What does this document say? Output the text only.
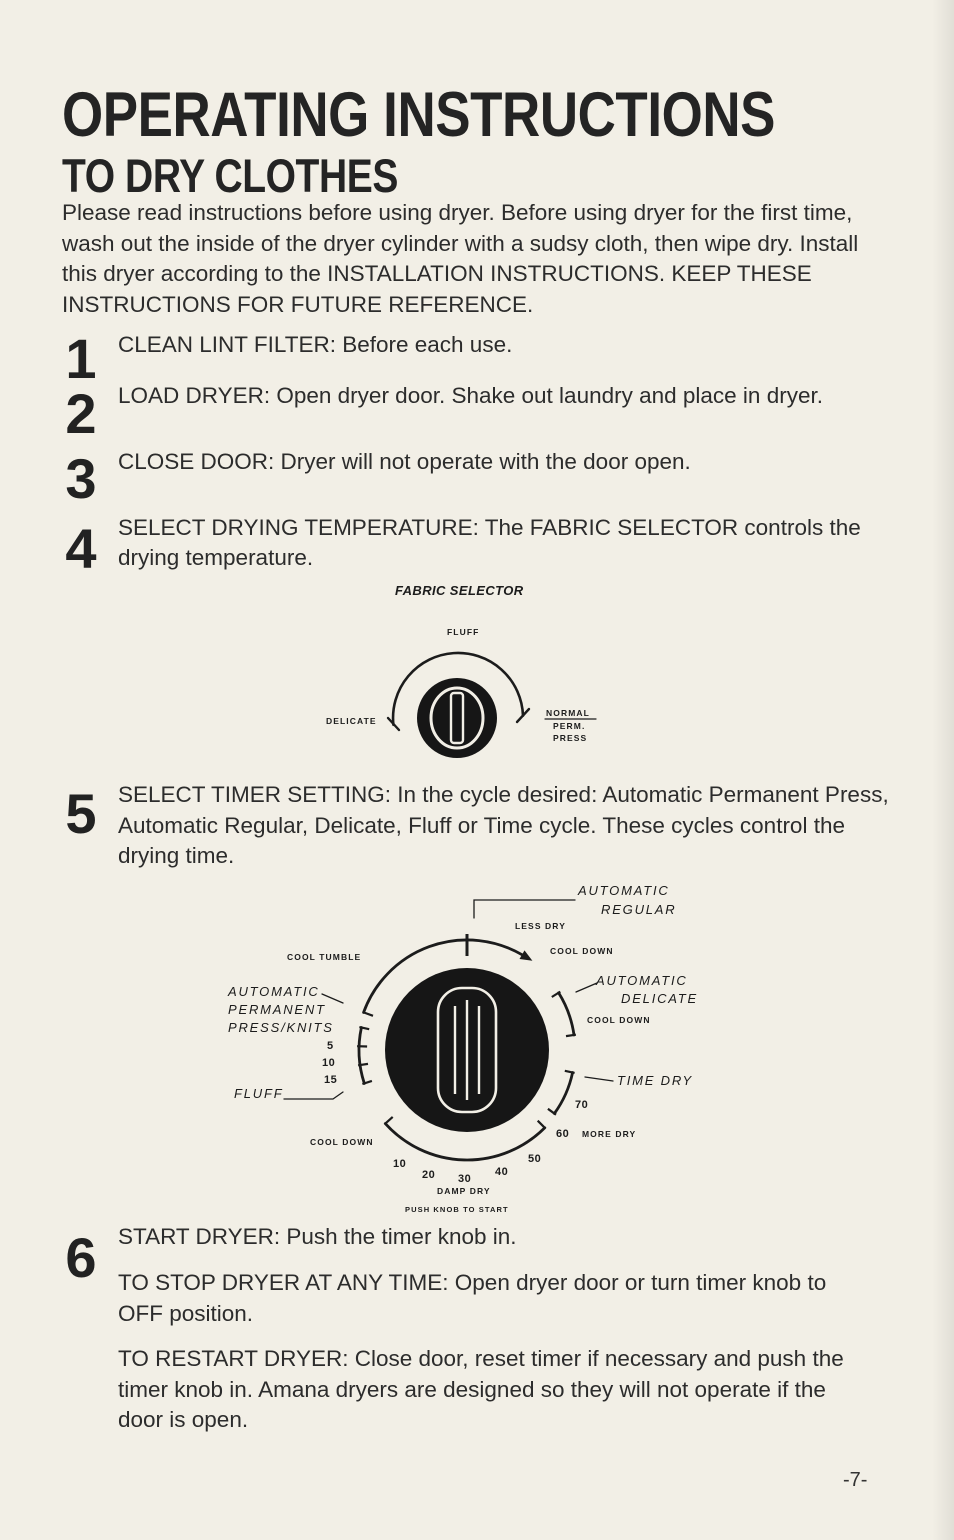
OPERATING INSTRUCTIONS
TO DRY CLOTHES
Please read instructions before using dryer. Before using dryer for the first time,
wash out the inside of the dryer cylinder with a sudsy cloth, then wipe dry. Install
this dryer according to the INSTALLATION INSTRUCTIONS. KEEP THESE
INSTRUCTIONS FOR FUTURE REFERENCE.
1 CLEAN LINT FILTER: Before each use.
2 LOAD DRYER: Open dryer door. Shake out laundry and place in dryer.
3 CLOSE DOOR: Dryer will not operate with the door open.
4 SELECT DRYING TEMPERATURE: The FABRIC SELECTOR controls the
drying temperature.
FABRIC SELECTOR
FLUFF
DELICATE
NORMAL
PERM.
PRESS
5 SELECT TIMER SETTING: In the cycle desired: Automatic Permanent Press,
Automatic Regular, Delicate, Fluff or Time cycle. These cycles control the
drying time.
AUTOMATIC
REGULAR
AUTOMATIC
DELICATE
AUTOMATIC
PERMANENT
PRESS/KNITS
FLUFF
TIME DRY
LESS DRY
COOL DOWN
COOL TUMBLE
COOL DOWN
MORE DRY
COOL DOWN
DAMP DRY
PUSH KNOB TO START
5
10
15
70
60
50
40
30
20
10
6 START DRYER: Push the timer knob in.
TO STOP DRYER AT ANY TIME: Open dryer door or turn timer knob to
OFF position.
TO RESTART DRYER: Close door, reset timer if necessary and push the
timer knob in. Amana dryers are designed so they will not operate if the
door is open.
-7-
